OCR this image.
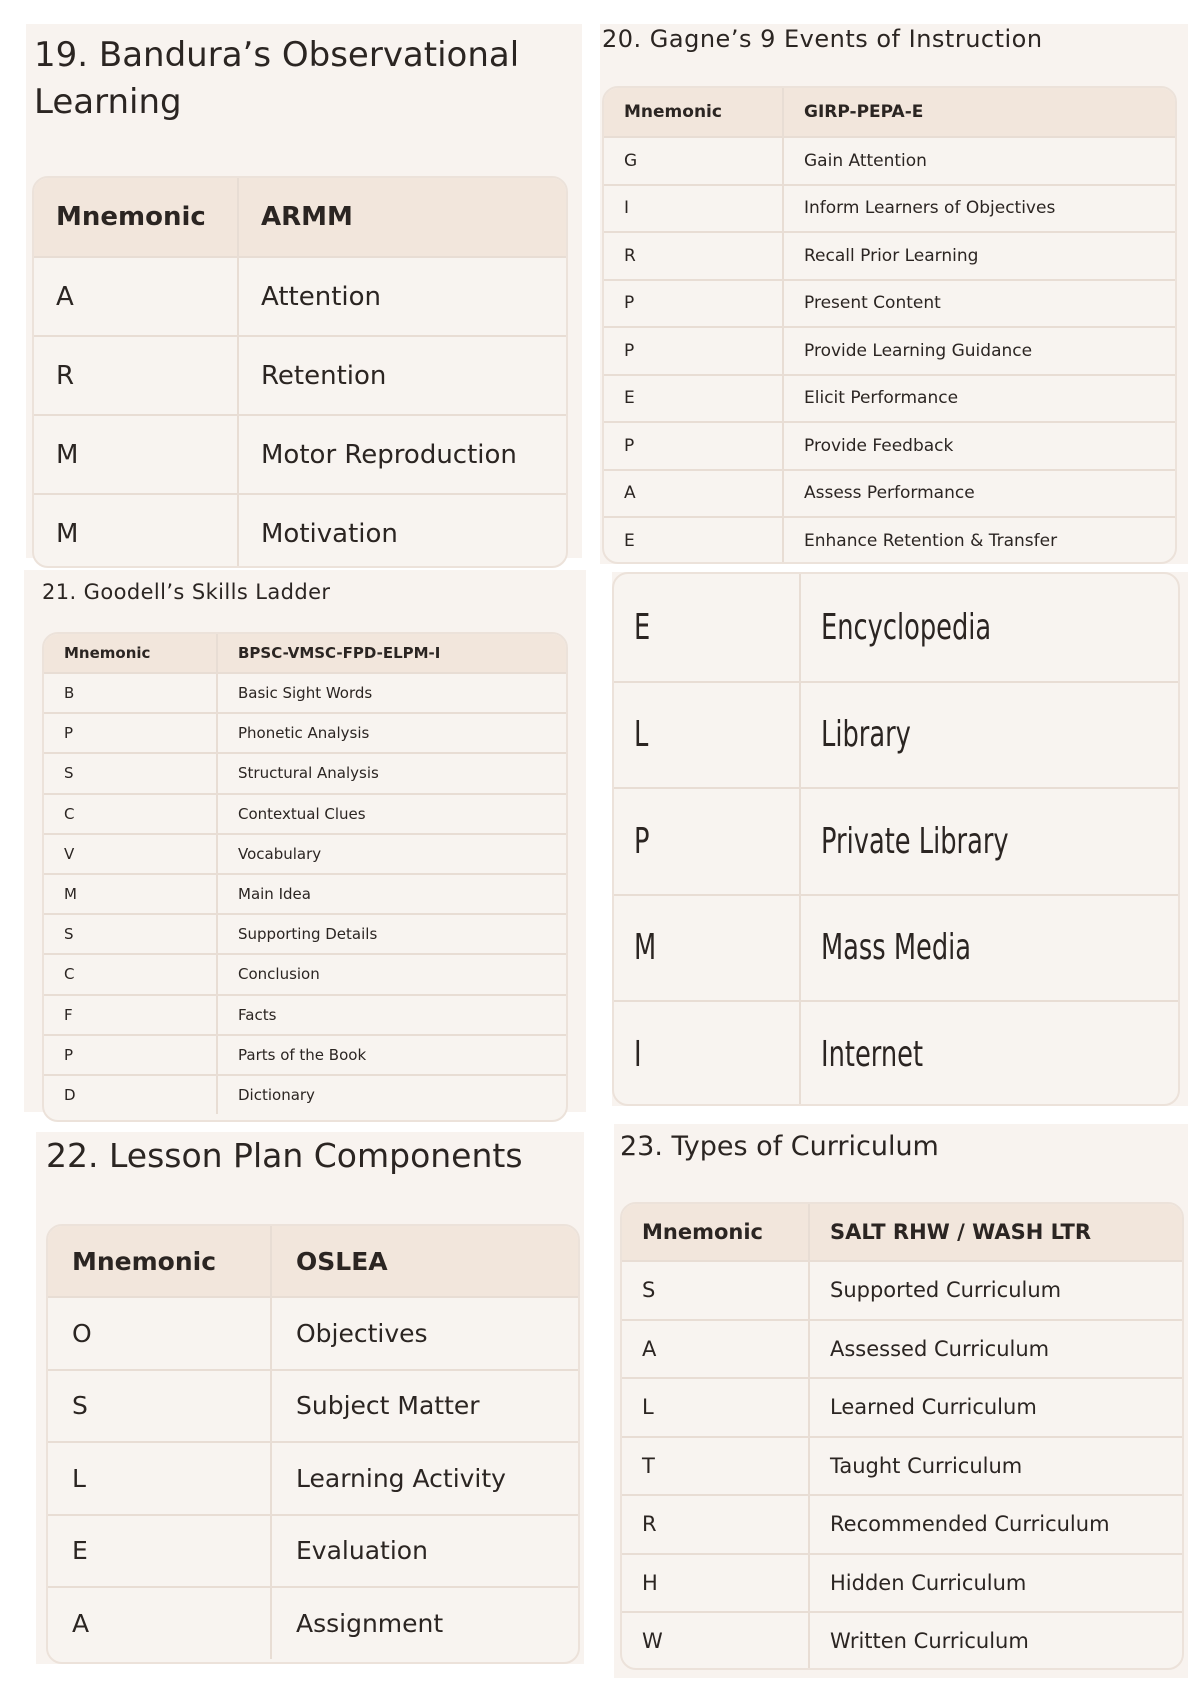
19. Bandura’s Observational
Learning
Mnemonic ARMM
A	Attention
R	Retention
M	Motor Reproduction
M	Motivation
20. Gagne’s 9 Events of Instruction
Mnemonic	GIRP-PEPA-E
G	Gain Attention
I	Inform Learners of Objectives
R	Recall Prior Learning
P	Present Content
P	Provide Learning Guidance
E	Elicit Performance
P	Provide Feedback
A	Assess Performance
E	Enhance Retention & Transfer
21. Goodell’s Skills Ladder
Mnemonic	BPSC-VMSC-FPD-ELPM-I
B	Basic Sight Words
P	Phonetic Analysis
S	Structural Analysis
C	Contextual Clues
V	Vocabulary
M	Main Idea
S	Supporting Details
C	Conclusion
F	Facts
P	Parts of the Book
D	Dictionary
E	Encyclopedia
L	Library
P	Private Library
M	Mass Media
I	Internet
22. Lesson Plan Components
Mnemonic	OSLEA
O	Objectives
S	Subject Matter
L	Learning Activity
E	Evaluation
A	Assignment
23. Types of Curriculum
Mnemonic	SALT RHW / WASH LTR
S	Supported Curriculum
A	Assessed Curriculum
L	Learned Curriculum
T	Taught Curriculum
R	Recommended Curriculum
H	Hidden Curriculum
W	Written Curriculum
